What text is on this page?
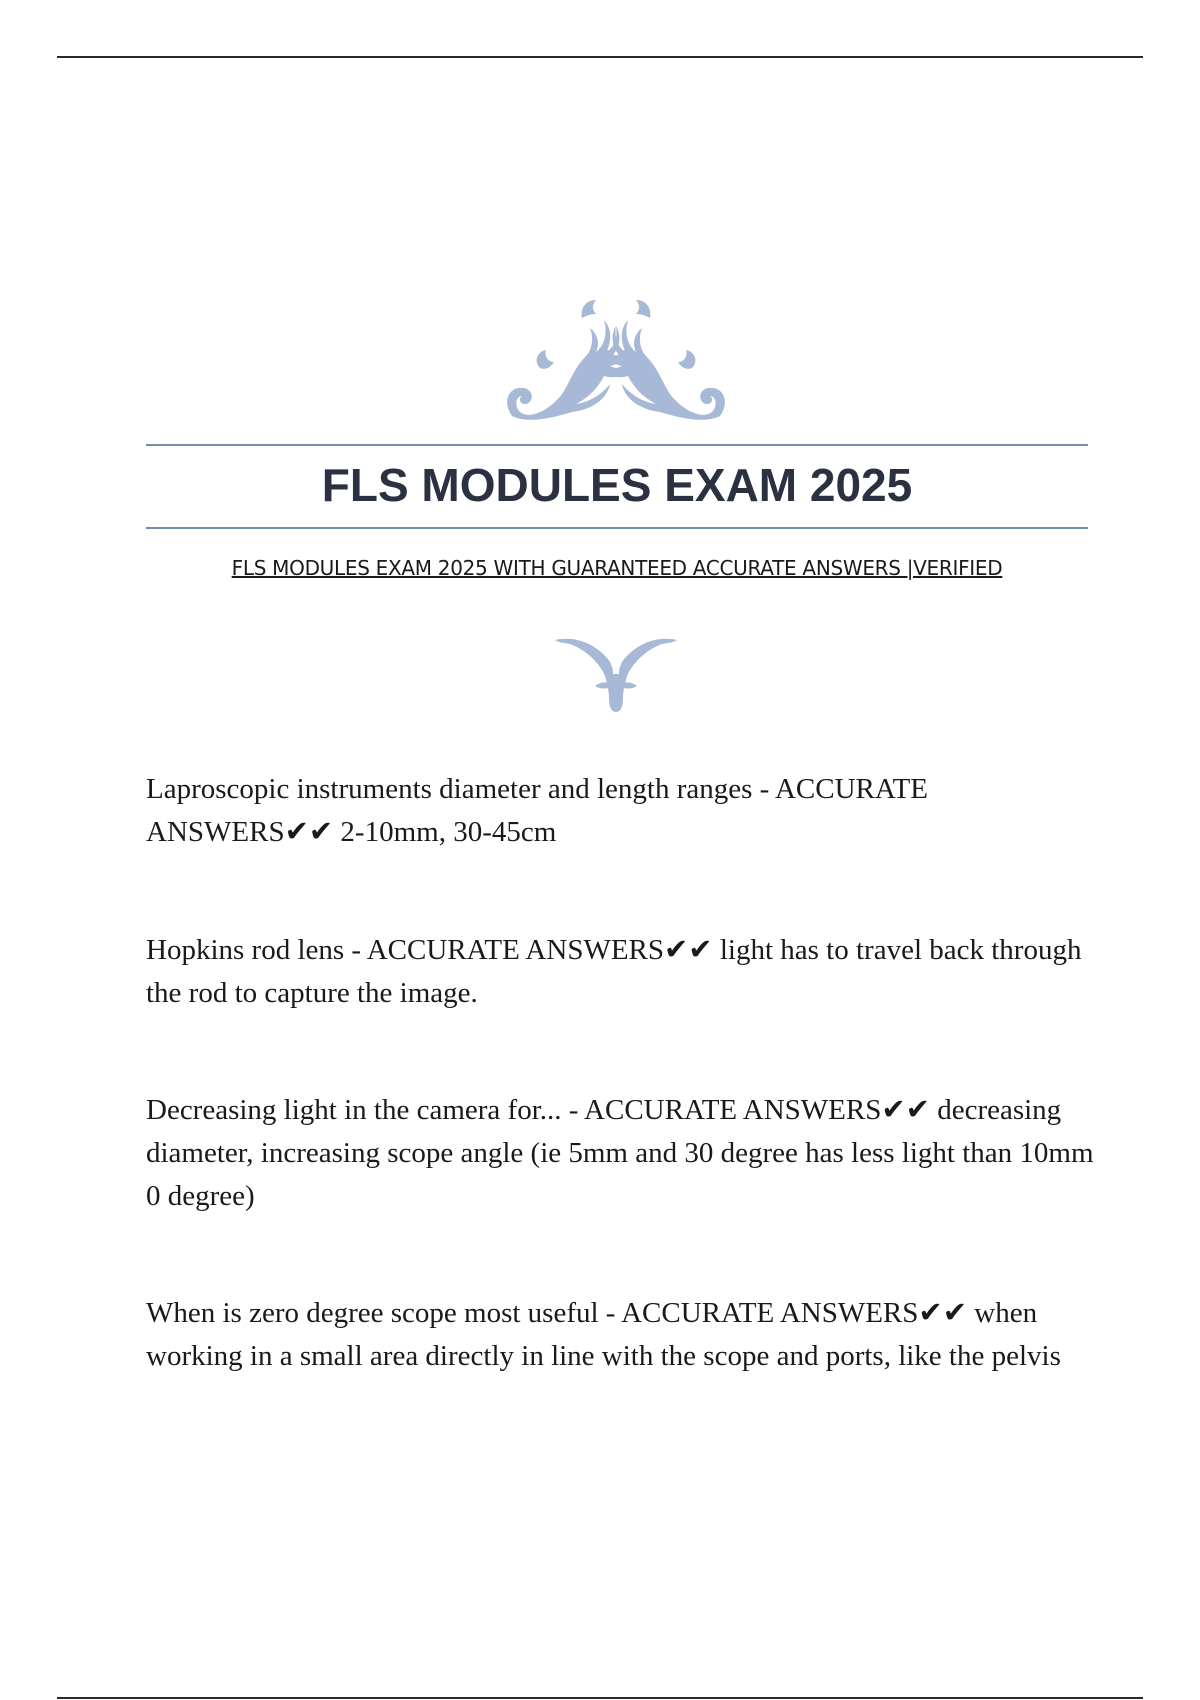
FLS MODULES EXAM 2025

FLS MODULES EXAM 2025 WITH GUARANTEED ACCURATE ANSWERS |VERIFIED

Laproscopic instruments diameter and length ranges - ACCURATE ANSWERS✔✔ 2-10mm, 30-45cm

Hopkins rod lens - ACCURATE ANSWERS✔✔ light has to travel back through the rod to capture the image.

Decreasing light in the camera for... - ACCURATE ANSWERS✔✔ decreasing diameter, increasing scope angle (ie 5mm and 30 degree has less light than 10mm 0 degree)

When is zero degree scope most useful - ACCURATE ANSWERS✔✔ when working in a small area directly in line with the scope and ports, like the pelvis
